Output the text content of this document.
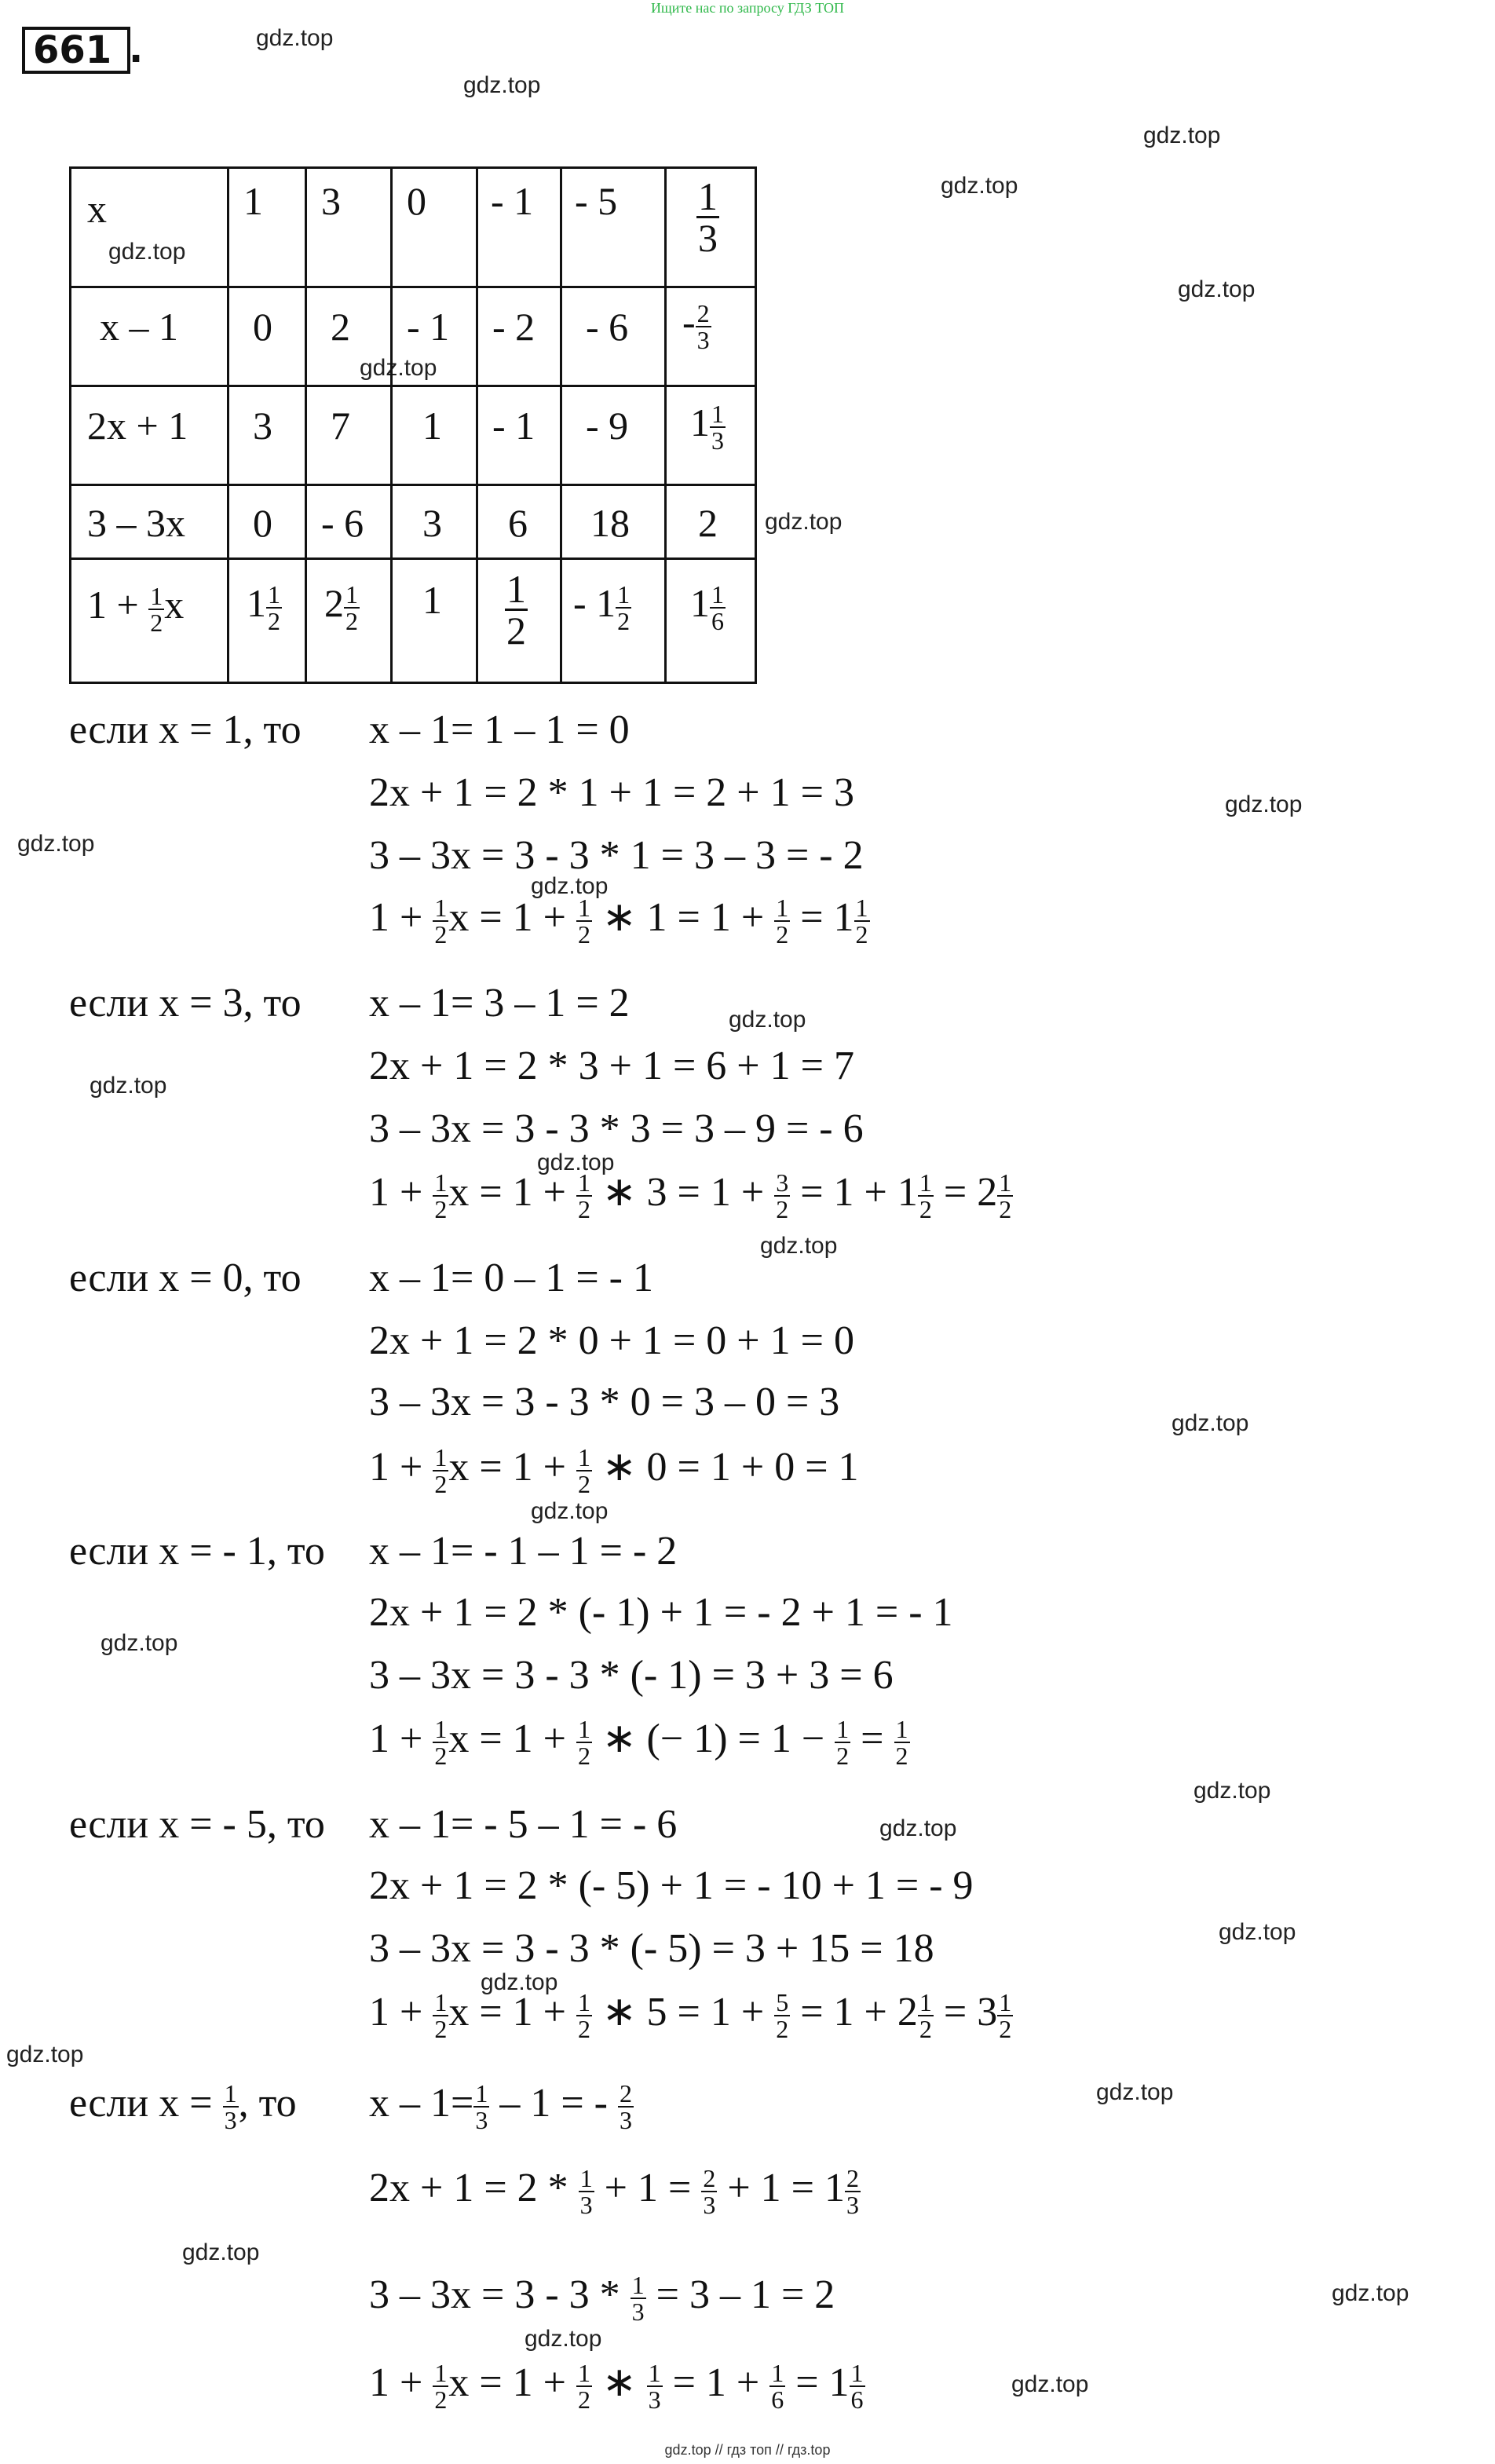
Ищите нас по запросу ГДЗ ТОП
661 .	gdz.top
gdz.top
gdz.top
gdz.top
gdz.top
gdz.top
gdz.top
gdz.top
gdz.top
gdz.top
gdz.top
gdz.top
gdz.top
gdz.top
gdz.top
gdz.top
gdz.top
gdz.top
gdz.top
gdz.top
gdz.top
gdz.top
gdz.top
gdz.top
gdz.top
gdz.top
gdz.top
gdz.top
x	1	3	0	- 1	- 5	$\frac{1}{3}$

x – 1	0	2	- 1	- 2	- 6	- $\frac{2}{3}$

2x + 1	3	7	1	- 1	- 9	$1 \frac{1}{3}$

3 – 3x	0	- 6	3	6	18	2

$1 + \frac{1}{2}$ x	$1 \frac{1}{2}$	$2 \frac{1}{2}$	1	$\frac{1}{2}$	- $1 \frac{1}{2}$	$1 \frac{1}{6}$
если x = 1, то x – 1= 1 – 1 = 0
2x + 1 = 2 * 1 + 1 = 2 + 1 = 3
3 – 3x = 3 - 3 * 1 = 3 – 3 = - 2
$1 + \frac{1}{2}$ $x = 1 + \frac{1}{2}$ ∗ $1 = 1 + \frac{1}{2} = 1 \frac{1}{2}$
если x = 3, то x – 1= 3 – 1 = 2
2x + 1 = 2 * 3 + 1 = 6 + 1 = 7
3 – 3x = 3 - 3 * 3 = 3 – 9 = - 6
$1 + \frac{1}{2}$ $x = 1 + \frac{1}{2}$ ∗ $3 = 1 + \frac{3}{2} = 1 + 1 \frac{1}{2} = 2 \frac{1}{2}$
если x = 0, то x – 1= 0 – 1 = - 1
2x + 1 = 2 * 0 + 1 = 0 + 1 = 0
3 – 3x = 3 - 3 * 0 = 3 – 0 = 3
$1 + \frac{1}{2}$ $x = 1 + \frac{1}{2}$ ∗ 0 = 1 + 0 = 1
если x = - 1, то x – 1= - 1 – 1 = - 2
2x + 1 = 2 * (- 1) + 1 = - 2 + 1 = - 1
3 – 3x = 3 - 3 * (- 1) = 3 + 3 = 6
$1 + \frac{1}{2}$ $x = 1 + \frac{1}{2}$ ∗ (− $1) = 1 - \frac{1}{2} = \frac{1}{2}$
если x = - 5, то x – 1= - 5 – 1 = - 6
2x + 1 = 2 * (- 5) + 1 = - 10 + 1 = - 9
3 – 3x = 3 - 3 * (- 5) = 3 + 15 = 18
$1 + \frac{1}{2}$ $x = 1 + \frac{1}{2}$ ∗ $5 = 1 + \frac{5}{2} = 1 + 2 \frac{1}{2} = 3 \frac{1}{2}$
если $x = \frac{1}{3}$ , то $x - 1= \frac{1}{3} - 1$ = - $\frac{2}{3}$
$2x + 1 = 2 * \frac{1}{3} + 1 = \frac{2}{3} + 1 = 1 \frac{2}{3}$
$3 - 3x = 3 - 3 * \frac{1}{3} = 3 - 1 = 2$
$1 + \frac{1}{2}$ $x = 1 + \frac{1}{2}$ ∗ $\frac{1}{3} = 1 + \frac{1}{6} = 1 \frac{1}{6}$
gdz.top // гдз топ // гдз.top
